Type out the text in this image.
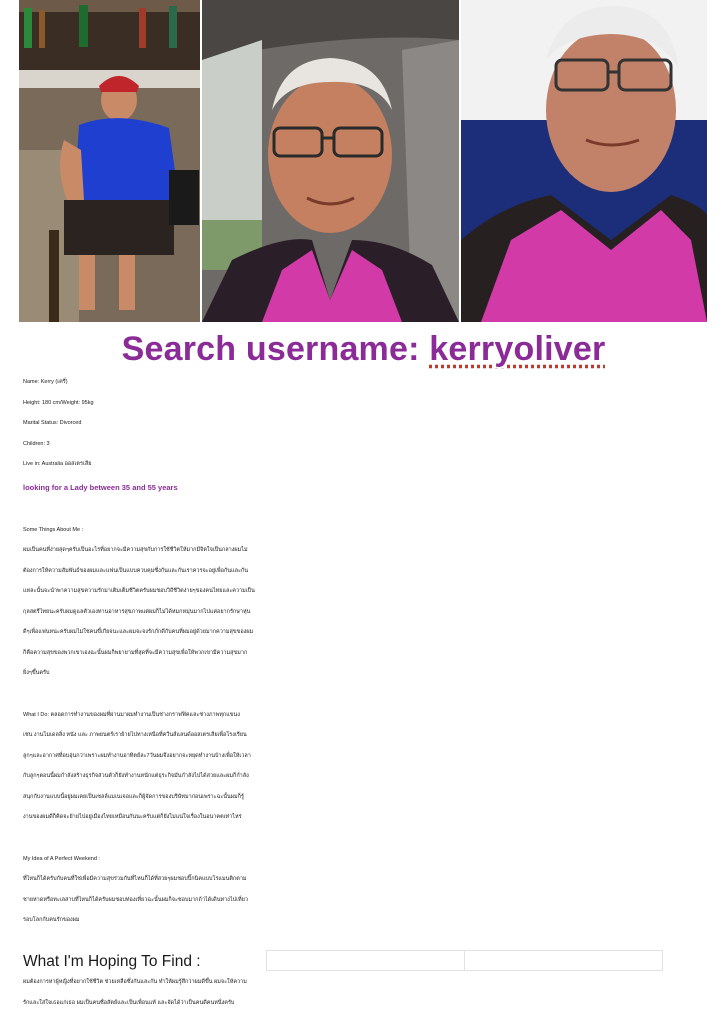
Search username: kerryoliver
Name: Kerry (เครี่)
Height: 180 cm/Weight: 95kg
Marital Status: Divorced
Children: 3
Live in: Australia ออสเตรเลีย
looking for a Lady between 35 and 55 years
Some Things About Me :
ผมเป็นคนที่ง่ายสุดๆครับเป็นอะไรที่อยากจะมีความสุขกับการใช้ชีวิตให้มากมีจิตใจเป็นกลางผมไม่
ต้องการให้ความสัมพันธ์ของผมและแฟนเป็นแบบควบคุมซึ่งกันและกันเราควรจะอยู่เพื่อกันและกัน
แหละนั้นจะนำพาความสุขความรักมาเติมเต็มชีวิตครับผมชอบวิถีชีวิตง่ายๆของคนไทยและความเป็น
กุลสตรีไทยนะครับผมดูแลตัวเองทานอาหารสุขภาพแต่ผมก็ไม่ได้หมกหมุ่นมากไปแค่อยากรักษาหุ่น
ดีๆเพื่อแฟนหน่ะครับผมไม่ใช่คนขี้เกียจนะและผมจะจงรักภักดีกับคนที่ผมอยู่ด้วยมากความสุขของผม
ก็คือความสุขของพวกเขาเองฉะนั้นผมก็พยายามที่สุดที่จะมีความสุขเพื่อให้พวกเขามีความสุขมาก
ยิ่งๆขึ้นครับ
What I Do: ตลอดการทำงานของผมที่ผ่านมาผมทำงานเป็นช่างกราฟฟิคและช่างภาพทุกแขนง
เช่น งานโมเดลลิ่ง หนัง และ ภาพยนตร์เราย้ายไปทางเหนือที่ควีนส์แลนด์ออสเตรเลียเพื่อโรงเรียน
ลูกๆและอากาศที่อบอุ่นกว่าเพราะผมทำงานอาทิตย์ละ7วันผมจึงอยากจะหยุดทำงานบ้างเพื่อให้เวลา
กับลูกๆตอนนี้ผมกำลังสร้างธุรกิจส่วนตัวก็ยังทำงานหนักแต่ธุระกิจมันกำลังไปได้สวยและผมก็กำลัง
สนุกกับงานแบบนี้อยู่ผมเคยเป็นเซลล์แมเนเจอและก็ผู้จัดการของบริษัทมาก่อนเพราะฉะนั้นผมก็รู้
งานของผมดีก็คิดจะย้ายไปอยู่เมืองไทยเหมือนกันนะครับแต่ก็ยังไม่แน่ใจเรื่องในอนาคตเท่าไหร่
My Idea of A Perfect Weekend :
ที่ไหนก็ได้ครับกับคนที่ใช่เพื่อมีความสุขร่วมกันที่ไหนก็ได้ที่สวยๆผมชอบปิ๊กนิคแบบโรแมนติกตาม
ชายหาดหรือทะเลสาบที่ไหนก็ได้ครับผมชอบท่องเที่ยวฉะนั้นผมก็จะชอบมากถ้าได้เดินทางไปเที่ยว
รอบโลกกับคนรักของผม
What I'm Hoping To Find :
ผมต้องการหาผู้หญิงที่อยากใช้ชีวิต ช่วยเหลือซึ่งกันและกัน ทำให้ผมรู้สึกว่าผมดีขึ้น ผมจะให้ความ
รักและใส่ใจเธอแก่เธอ ผมเป็นคนซื่อสัตย์และเป็นเพื่อนแท้ และจัดได้ว่าเป็นคนดีคนหนึ่งครับ
